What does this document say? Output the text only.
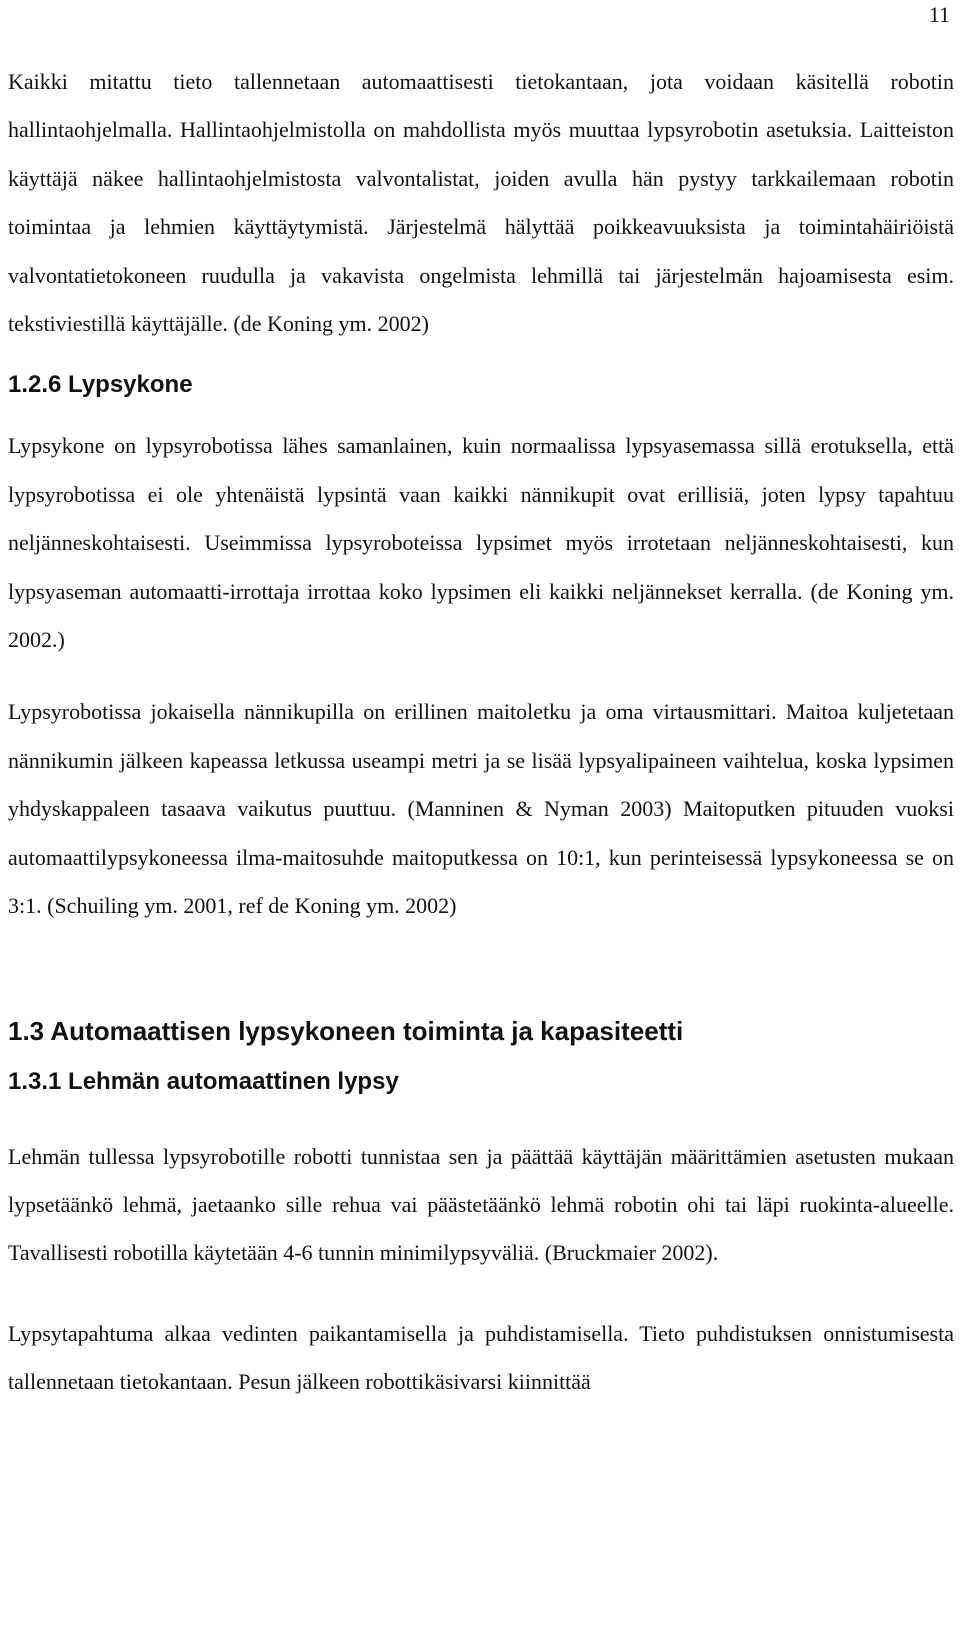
11

Kaikki mitattu tieto tallennetaan automaattisesti tietokantaan, jota voidaan käsitellä robotin hallintaohjelmalla. Hallintaohjelmistolla on mahdollista myös muuttaa lypsyrobotin asetuksia. Laitteiston käyttäjä näkee hallintaohjelmistosta valvontalistat, joiden avulla hän pystyy tarkkailemaan robotin toimintaa ja lehmien käyttäytymistä. Järjestelmä hälyttää poikkeavuuksista ja toimintahäiriöistä valvontatietokoneen ruudulla ja vakavista ongelmista lehmillä tai järjestelmän hajoamisesta esim. tekstiviestillä käyttäjälle. (de Koning ym. 2002)

1.2.6 Lypsykone

Lypsykone on lypsyrobotissa lähes samanlainen, kuin normaalissa lypsyasemassa sillä erotuksella, että lypsyrobotissa ei ole yhtenäistä lypsintä vaan kaikki nännikupit ovat erillisiä, joten lypsy tapahtuu neljänneskohtaisesti. Useimmissa lypsyroboteissa lypsimet myös irrotetaan neljänneskohtaisesti, kun lypsyaseman automaatti-irrottaja irrottaa koko lypsimen eli kaikki neljännekset kerralla. (de Koning ym. 2002.)

Lypsyrobotissa jokaisella nännikupilla on erillinen maitoletku ja oma virtausmittari. Maitoa kuljetetaan nännikumin jälkeen kapeassa letkussa useampi metri ja se lisää lypsyalipaineen vaihtelua, koska lypsimen yhdyskappaleen tasaava vaikutus puuttuu. (Manninen & Nyman 2003) Maitoputken pituuden vuoksi automaattilypsykoneessa ilma-maitosuhde maitoputkessa on 10:1, kun perinteisessä lypsykoneessa se on 3:1. (Schuiling ym. 2001, ref de Koning ym. 2002)

1.3 Automaattisen lypsykoneen toiminta ja kapasiteetti
1.3.1 Lehmän automaattinen lypsy

Lehmän tullessa lypsyrobotille robotti tunnistaa sen ja päättää käyttäjän määrittämien asetusten mukaan lypsetäänkö lehmä, jaetaanko sille rehua vai päästetäänkö lehmä robotin ohi tai läpi ruokinta-alueelle. Tavallisesti robotilla käytetään 4-6 tunnin minimilypsyväliä. (Bruckmaier 2002).

Lypsytapahtuma alkaa vedinten paikantamisella ja puhdistamisella. Tieto puhdistuksen onnistumisesta tallennetaan tietokantaan. Pesun jälkeen robottikäsivarsi kiinnittää
